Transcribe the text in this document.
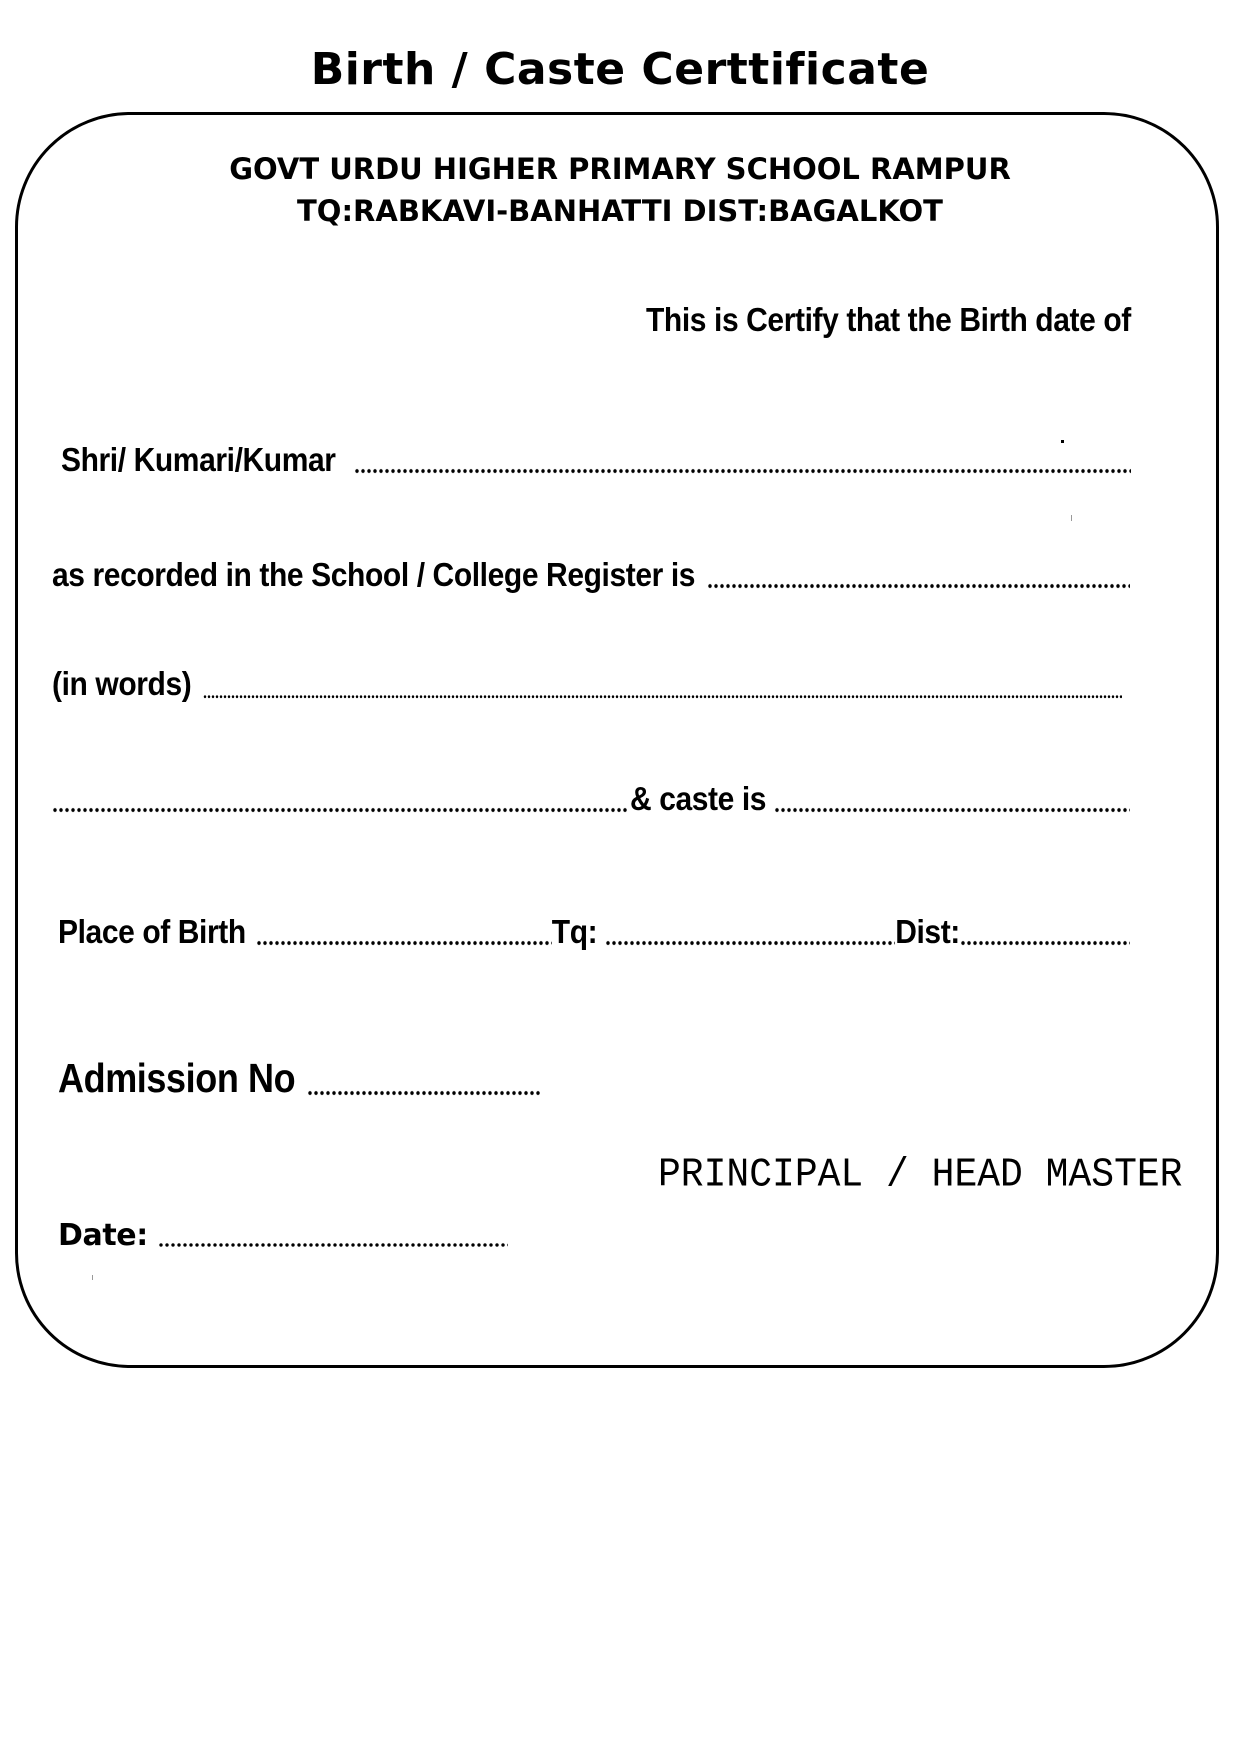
Birth / Caste Certtificate
GOVT URDU HIGHER PRIMARY SCHOOL RAMPUR
TQ:RABKAVI-BANHATTI DIST:BAGALKOT
This is Certify that the Birth date of
Shri/ Kumari/Kumar
as recorded in the School / College Register is
(in words)
& caste is
Place of Birth	Tq:	Dist:
Admission No
PRINCIPAL / HEAD MASTER
Date:
